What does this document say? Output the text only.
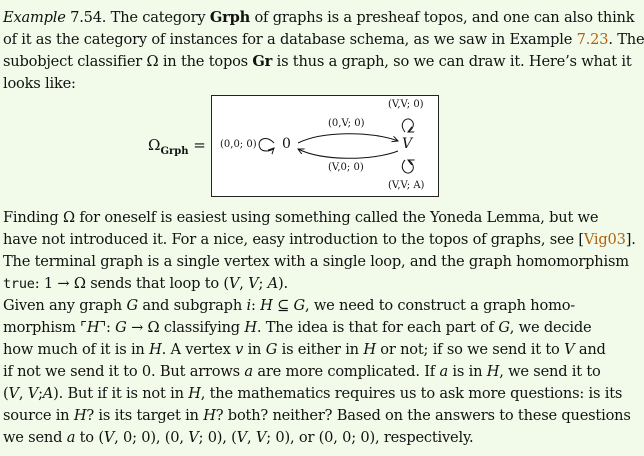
Example 7.54. The category Grph of graphs is a presheaf topos, and one can also think
of it as the category of instances for a database schema, as we saw in Example 7.23. The
subobject classifier Ω in the topos Gr is thus a graph, so we can draw it. Here’s what it
looks like:
$\Omega_{Grph} = (0,0$; 0) 0	V
(0,V; 0)
(V,0; 0)
(V,V; 0)
(V,V; A)
Finding Ω for oneself is easiest using something called the Yoneda Lemma, but we
have not introduced it. For a nice, easy introduction to the topos of graphs, see [Vig03].
The terminal graph is a single vertex with a single loop, and the graph homomorphism
true: 1 → Ω sends that loop to (V, V; A).
Given any graph G and subgraph i: H ⊆ G, we need to construct a graph homo-
morphism ⌜H⌝: G → Ω classifying H. The idea is that for each part of G, we decide
how much of it is in H. A vertex v in G is either in H or not; if so we send it to V and
if not we send it to 0. But arrows a are more complicated. If a is in H, we send it to
(V, V;A). But if it is not in H, the mathematics requires us to ask more questions: is its
source in H? is its target in H? both? neither? Based on the answers to these questions
we send a to (V, 0; 0), (0, V; 0), (V, V; 0), or (0, 0; 0), respectively.
